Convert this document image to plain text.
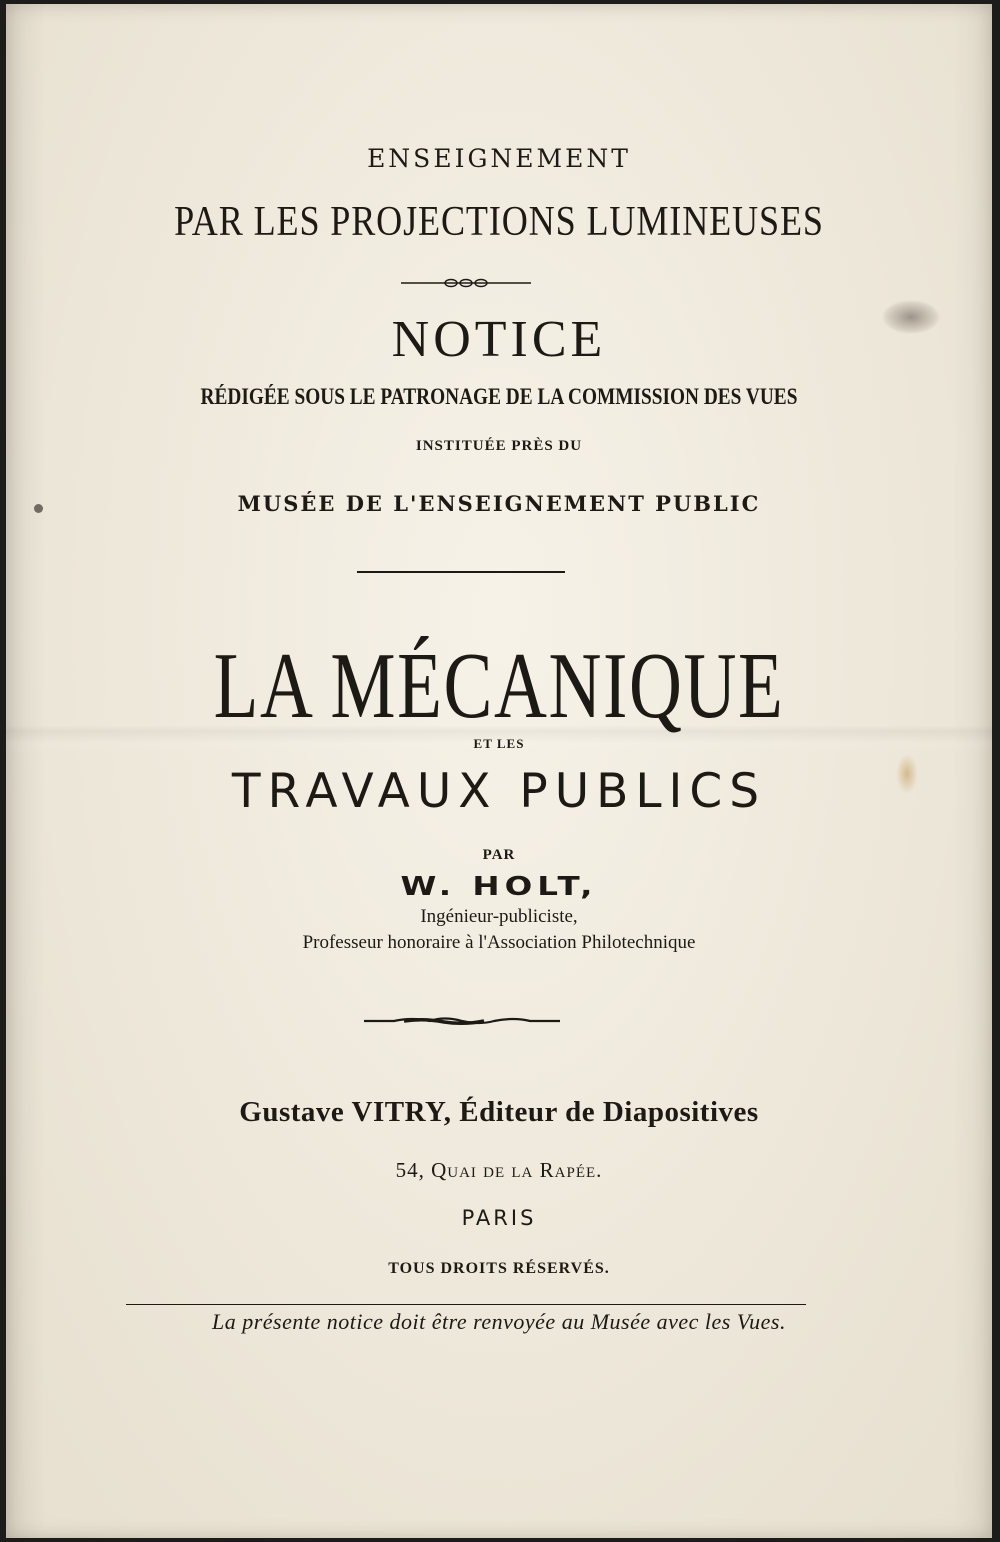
ENSEIGNEMENT

PAR LES PROJECTIONS LUMINEUSES

NOTICE

RÉDIGÉE SOUS LE PATRONAGE DE LA COMMISSION DES VUES

INSTITUÉE PRÈS DU

MUSÉE DE L'ENSEIGNEMENT PUBLIC

LA MÉCANIQUE

ET LES

TRAVAUX PUBLICS

PAR

W. HOLT,

Ingénieur-publiciste,

Professeur honoraire à l'Association Philotechnique

Gustave VITRY, Éditeur de Diapositives

54, Quai de la Rapée.

PARIS

TOUS DROITS RÉSERVÉS.

La présente notice doit être renvoyée au Musée avec les Vues.
